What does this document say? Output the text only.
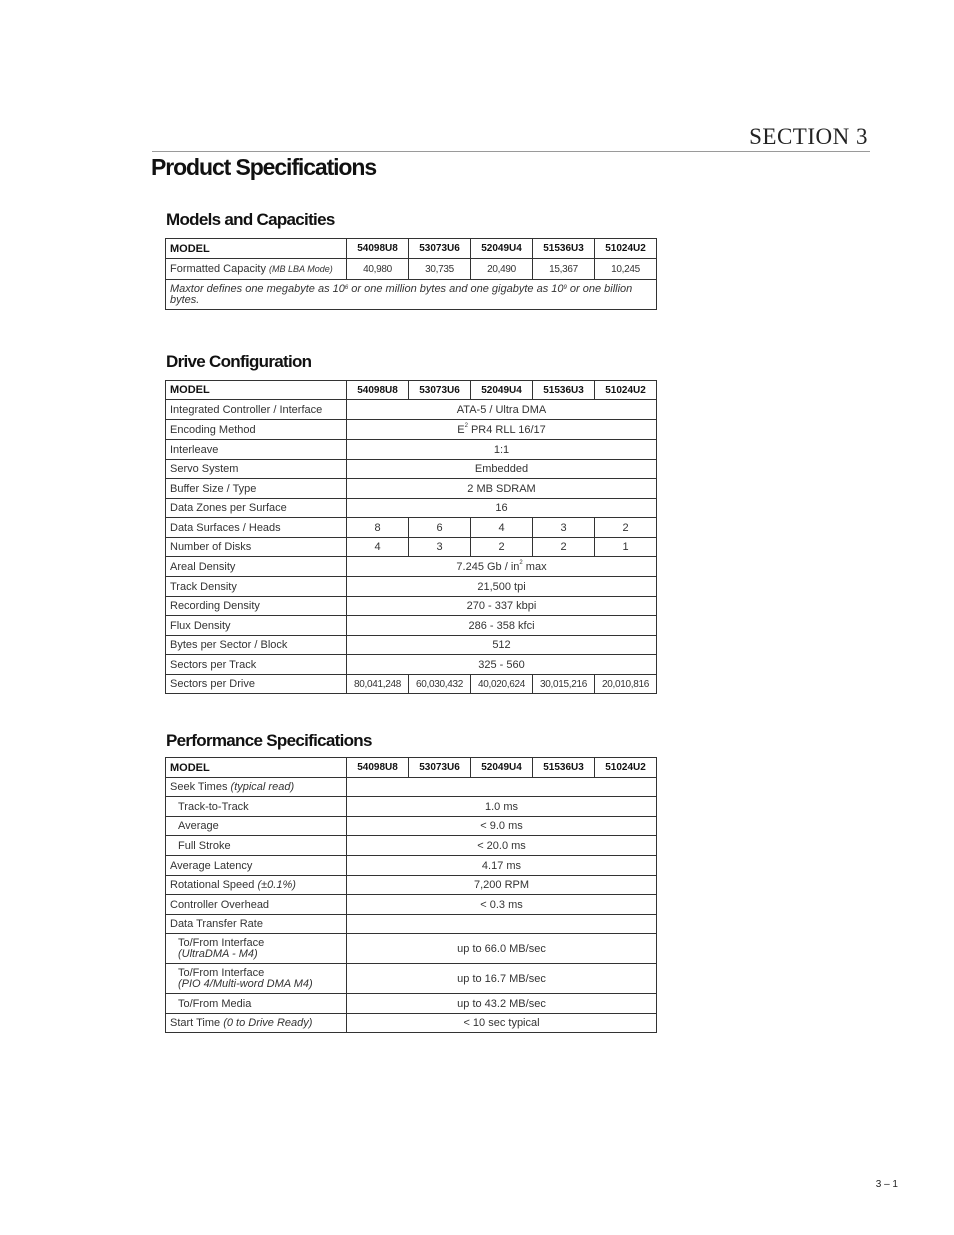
SECTION 3
Product Specifications
Models and Capacities
MODEL	54098U8	53073U6	52049U4	51536U3	51024U2
Formatted Capacity (MB LBA Mode)	40,980	30,735	20,490	15,367	10,245
Maxtor defines one megabyte as $10^6$ or one million bytes and one gigabyte as $10^9$ or one billion bytes.					
Drive Configuration
MODEL	54098U8	53073U6	52049U4	51536U3	51024U2
Integrated Controller / Interface	ATA-5 / Ultra DMA				
Encoding Method	$E^2$ PR4 RLL 16/17				
Interleave	1:1				
Servo System	Embedded				
Buffer Size / Type	2 MB SDRAM				
Data Zones per Surface	16				
Data Surfaces / Heads	8	6	4	3	2
Number of Disks	4	3	2	2	1
Areal Density	7.245 Gb / $in^2$ max				
Track Density	21,500 tpi				
Recording Density	270 - 337 kbpi				
Flux Density	286 - 358 kfci				
Bytes per Sector / Block	512				
Sectors per Track	325 - 560				
Sectors per Drive	80,041,248	60,030,432	40,020,624	30,015,216	20,010,816
Performance Specifications
MODEL	54098U8	53073U6	52049U4	51536U3	51024U2
Seek Times (typical read)					
Track-to-Track	1.0 ms				
Average	< 9.0 ms				
Full Stroke	< 20.0 ms				
Average Latency	4.17 ms				
Rotational Speed (±0.1%)	7,200 RPM				
Controller Overhead	< 0.3 ms				
Data Transfer Rate					
To/From Interface
(UltraDMA - M4)	up to 66.0 MB/sec				
To/From Interface
(PIO 4/Multi-word DMA M4)	up to 16.7 MB/sec				
To/From Media	up to 43.2 MB/sec				
Start Time (0 to Drive Ready)	< 10 sec typical				
3 – 1
